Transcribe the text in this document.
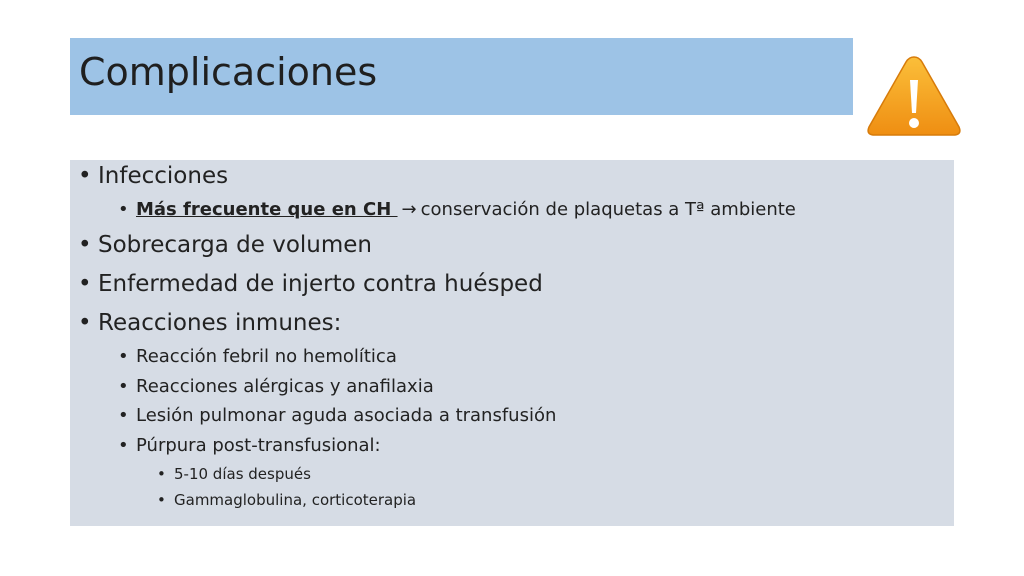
Complicaciones
• Infecciones
• Más frecuente que en CH → conservación de plaquetas a Tª ambiente
• Sobrecarga de volumen
• Enfermedad de injerto contra huésped
• Reacciones inmunes:
• Reacción febril no hemolítica
• Reacciones alérgicas y anafilaxia
• Lesión pulmonar aguda asociada a transfusión
• Púrpura post-transfusional:
• 5-10 días después
• Gammaglobulina, corticoterapia
